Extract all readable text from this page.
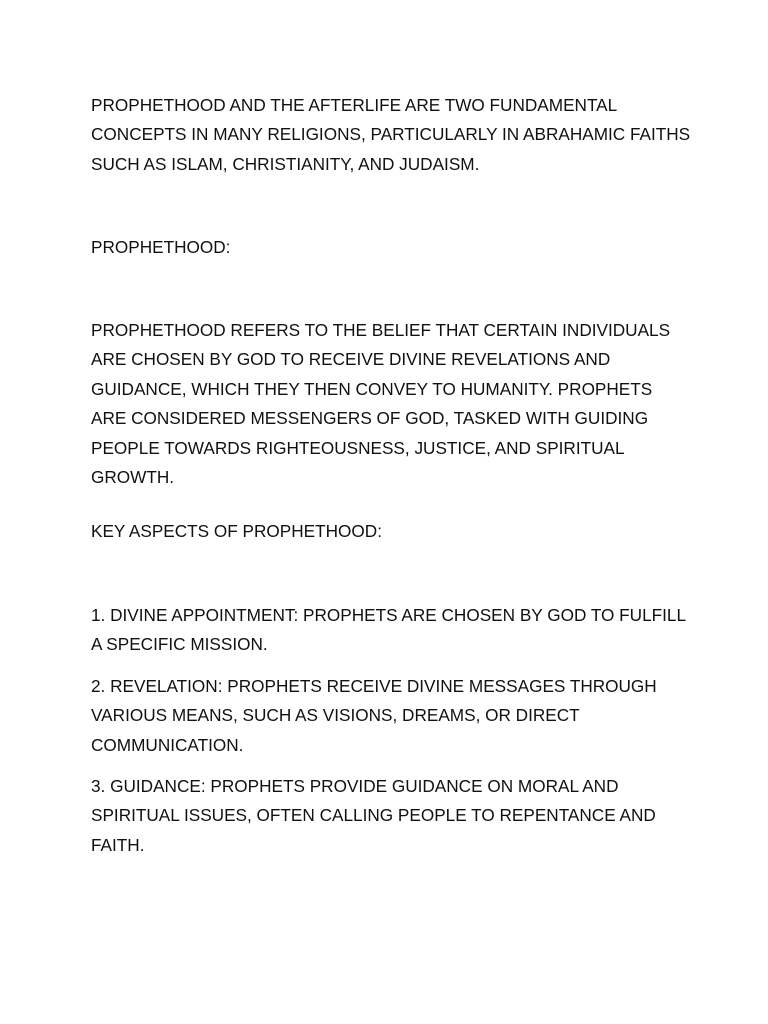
PROPHETHOOD AND THE AFTERLIFE ARE TWO FUNDAMENTAL CONCEPTS IN MANY RELIGIONS, PARTICULARLY IN ABRAHAMIC FAITHS SUCH AS ISLAM, CHRISTIANITY, AND JUDAISM.

PROPHETHOOD:

PROPHETHOOD REFERS TO THE BELIEF THAT CERTAIN INDIVIDUALS ARE CHOSEN BY GOD TO RECEIVE DIVINE REVELATIONS AND GUIDANCE, WHICH THEY THEN CONVEY TO HUMANITY. PROPHETS ARE CONSIDERED MESSENGERS OF GOD, TASKED WITH GUIDING PEOPLE TOWARDS RIGHTEOUSNESS, JUSTICE, AND SPIRITUAL GROWTH.

KEY ASPECTS OF PROPHETHOOD:

1. DIVINE APPOINTMENT: PROPHETS ARE CHOSEN BY GOD TO FULFILL A SPECIFIC MISSION.

2. REVELATION: PROPHETS RECEIVE DIVINE MESSAGES THROUGH VARIOUS MEANS, SUCH AS VISIONS, DREAMS, OR DIRECT COMMUNICATION.

3. GUIDANCE: PROPHETS PROVIDE GUIDANCE ON MORAL AND SPIRITUAL ISSUES, OFTEN CALLING PEOPLE TO REPENTANCE AND FAITH.
